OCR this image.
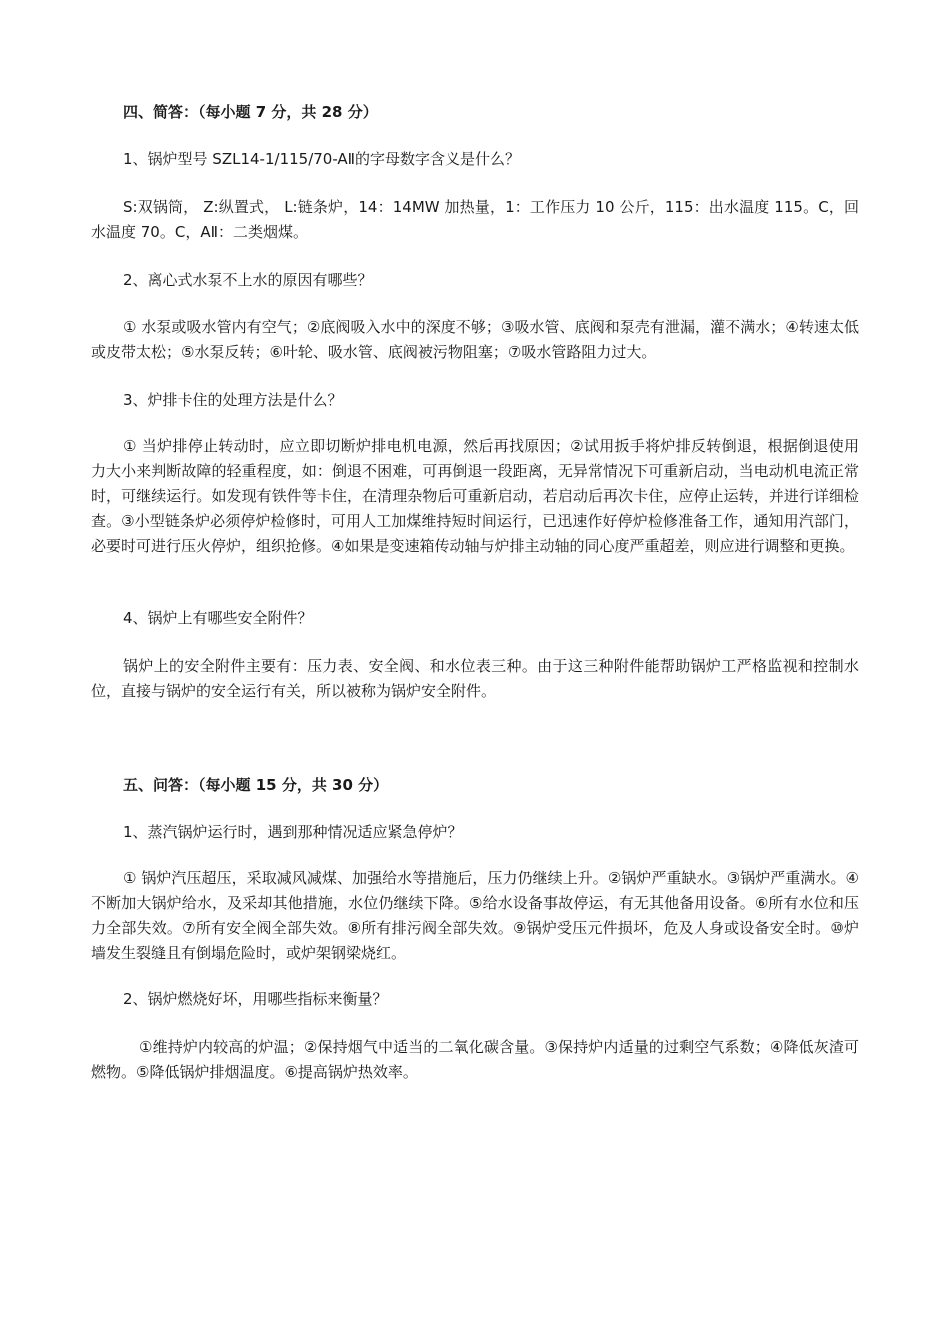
四、简答：（每小题 7 分，共 28 分）
1、锅炉型号 SZL14-1/115/70-AⅡ的字母数字含义是什么？
S:双锅筒， Z:纵置式， L:链条炉，14：14MW 加热量，1：工作压力 10 公斤，115：出水温度 115。C，回水温度 70。C，AⅡ：二类烟煤。
2、离心式水泵不上水的原因有哪些？
① 水泵或吸水管内有空气；②底阀吸入水中的深度不够；③吸水管、底阀和泵壳有泄漏，灌不满水；④转速太低或皮带太松；⑤水泵反转；⑥叶轮、吸水管、底阀被污物阻塞；⑦吸水管路阻力过大。
3、炉排卡住的处理方法是什么？
① 当炉排停止转动时，应立即切断炉排电机电源，然后再找原因；②试用扳手将炉排反转倒退，根据倒退使用力大小来判断故障的轻重程度，如：倒退不困难，可再倒退一段距离，无异常情况下可重新启动，当电动机电流正常时，可继续运行。如发现有铁件等卡住，在清理杂物后可重新启动，若启动后再次卡住，应停止运转，并进行详细检查。③小型链条炉必须停炉检修时，可用人工加煤维持短时间运行，已迅速作好停炉检修准备工作，通知用汽部门，必要时可进行压火停炉，组织抢修。④如果是变速箱传动轴与炉排主动轴的同心度严重超差，则应进行调整和更换。
4、锅炉上有哪些安全附件？
锅炉上的安全附件主要有：压力表、安全阀、和水位表三种。由于这三种附件能帮助锅炉工严格监视和控制水位，直接与锅炉的安全运行有关，所以被称为锅炉安全附件。
五、问答：（每小题 15 分，共 30 分）
1、蒸汽锅炉运行时，遇到那种情况适应紧急停炉？
① 锅炉汽压超压，采取减风减煤、加强给水等措施后，压力仍继续上升。②锅炉严重缺水。③锅炉严重满水。④不断加大锅炉给水，及采却其他措施，水位仍继续下降。⑤给水设备事故停运，有无其他备用设备。⑥所有水位和压力全部失效。⑦所有安全阀全部失效。⑧所有排污阀全部失效。⑨锅炉受压元件损坏，危及人身或设备安全时。⑩炉墙发生裂缝且有倒塌危险时，或炉架钢梁烧红。
2、锅炉燃烧好坏，用哪些指标来衡量？
①维持炉内较高的炉温；②保持烟气中适当的二氧化碳含量。③保持炉内适量的过剩空气系数；④降低灰渣可燃物。⑤降低锅炉排烟温度。⑥提高锅炉热效率。
